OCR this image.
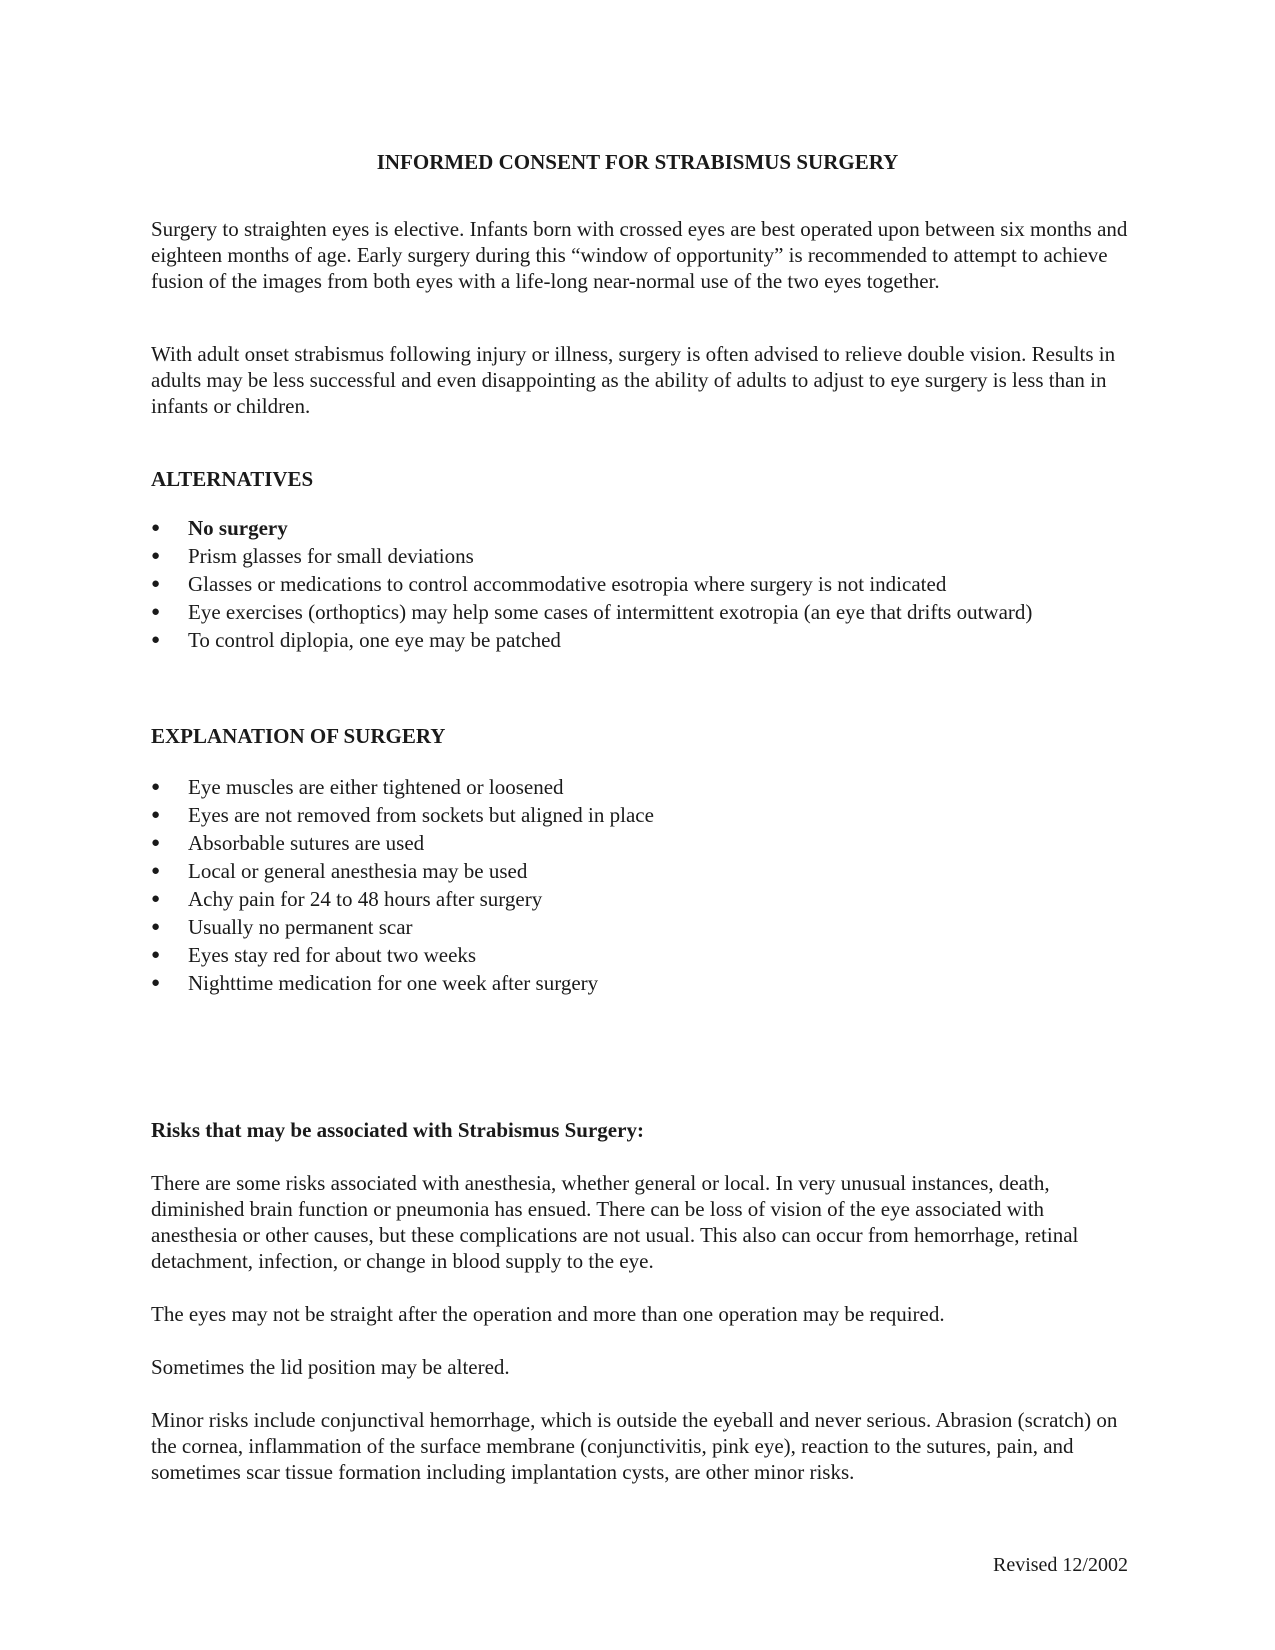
INFORMED CONSENT FOR STRABISMUS SURGERY

Surgery to straighten eyes is elective. Infants born with crossed eyes are best operated upon between six months and eighteen months of age. Early surgery during this “window of opportunity” is recommended to attempt to achieve fusion of the images from both eyes with a life-long near-normal use of the two eyes together.

With adult onset strabismus following injury or illness, surgery is often advised to relieve double vision. Results in adults may be less successful and even disappointing as the ability of adults to adjust to eye surgery is less than in infants or children.

ALTERNATIVES
● No surgery
● Prism glasses for small deviations
● Glasses or medications to control accommodative esotropia where surgery is not indicated
● Eye exercises (orthoptics) may help some cases of intermittent exotropia (an eye that drifts outward)
● To control diplopia, one eye may be patched
EXPLANATION OF SURGERY
● Eye muscles are either tightened or loosened
● Eyes are not removed from sockets but aligned in place
● Absorbable sutures are used
● Local or general anesthesia may be used
● Achy pain for 24 to 48 hours after surgery
● Usually no permanent scar
● Eyes stay red for about two weeks
● Nighttime medication for one week after surgery
Risks that may be associated with Strabismus Surgery:

There are some risks associated with anesthesia, whether general or local. In very unusual instances, death, diminished brain function or pneumonia has ensued. There can be loss of vision of the eye associated with anesthesia or other causes, but these complications are not usual. This also can occur from hemorrhage, retinal detachment, infection, or change in blood supply to the eye.

The eyes may not be straight after the operation and more than one operation may be required.

Sometimes the lid position may be altered.

Minor risks include conjunctival hemorrhage, which is outside the eyeball and never serious. Abrasion (scratch) on the cornea, inflammation of the surface membrane (conjunctivitis, pink eye), reaction to the sutures, pain, and sometimes scar tissue formation including implantation cysts, are other minor risks.

Revised 12/2002
